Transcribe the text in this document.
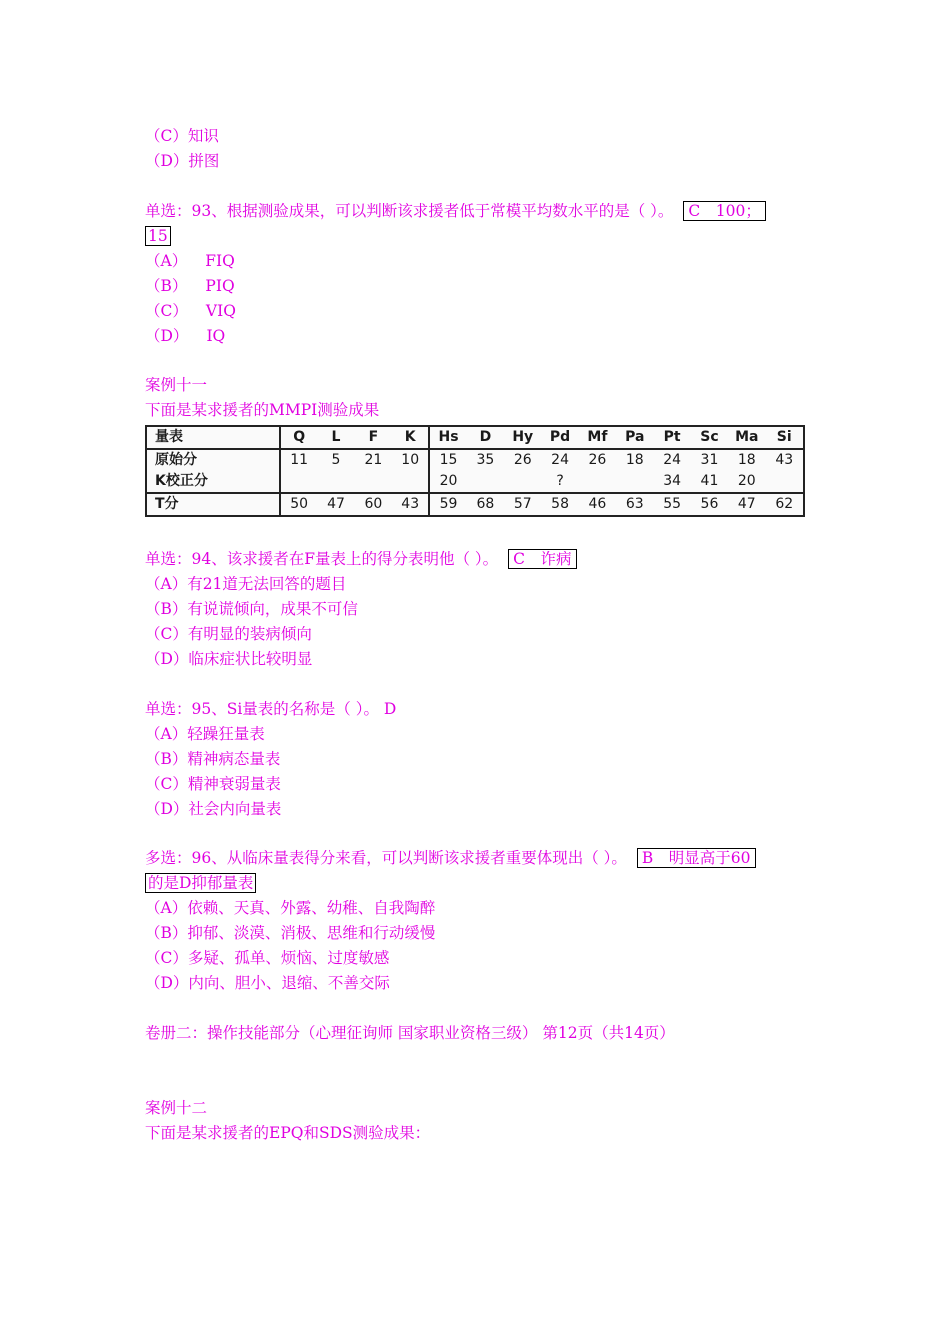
（C）知识
（D）拼图
单选：93、根据测验成果，可以判断该求援者低于常模平均数水平的是（ ）。 C　100；
15
（A） FIQ
（B） PIQ
（C） VIQ
（D） IQ
案例十一
下面是某求援者的MMPI测验成果
量表	Q	L	F	K	Hs	D	Hy	Pd	Mf	Pa	Pt	Sc	Ma	Si
原始分	11	5	21	10	15	35	26	24	26	18	24	31	18	43
K校正分					20			?			34	41	20	
T分	50	47	60	43	59	68	57	58	46	63	55	56	47	62
单选：94、该求援者在F量表上的得分表明他（ ）。 C　诈病
（A）有21道无法回答的题目
（B）有说谎倾向，成果不可信
（C）有明显的装病倾向
（D）临床症状比较明显
单选：95、Si量表的名称是（ ）。 D
（A）轻躁狂量表
（B）精神病态量表
（C）精神衰弱量表
（D）社会内向量表
多选：96、从临床量表得分来看，可以判断该求援者重要体现出（ ）。 B　明显高于60
的是D抑郁量表
（A）依赖、天真、外露、幼稚、自我陶醉
（B）抑郁、淡漠、消极、思维和行动缓慢
（C）多疑、孤单、烦恼、过度敏感
（D）内向、胆小、退缩、不善交际
卷册二：操作技能部分（心理征询师 国家职业资格三级） 第12页（共14页）
案例十二
下面是某求援者的EPQ和SDS测验成果：
